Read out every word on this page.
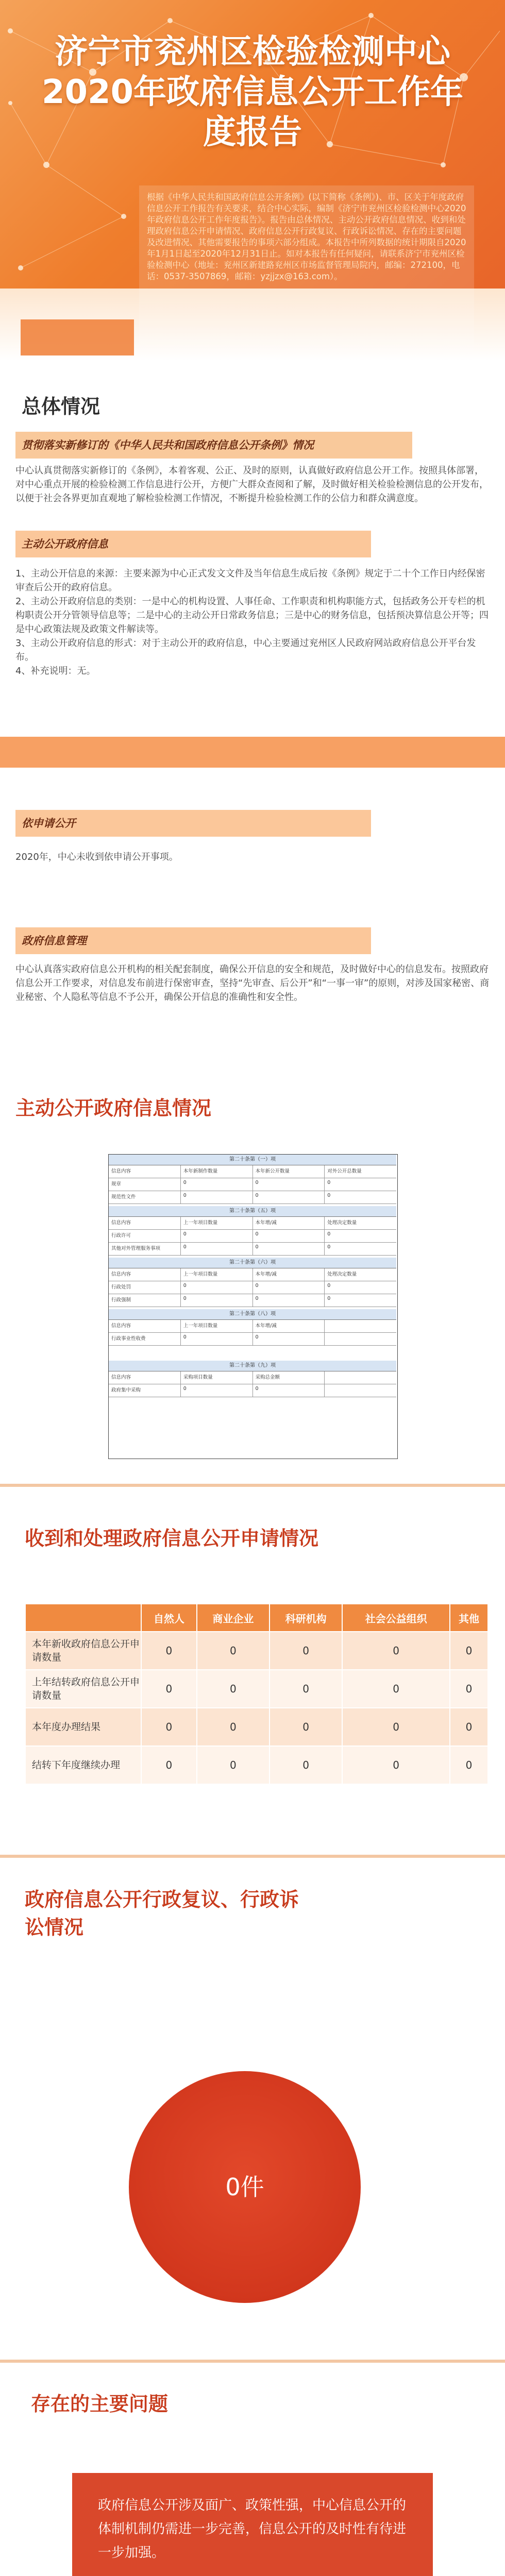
济宁市兖州区检验检测中心
2020年政府信息公开工作年
度报告
根据《中华人民共和国政府信息公开条例》(以下简称《条例》)、市、区关于年度政府信息公开工作报告有关要求，结合中心实际，编制《济宁市兖州区检验检测中心2020年政府信息公开工作年度报告》。报告由总体情况、主动公开政府信息情况、收到和处理政府信息公开申请情况、政府信息公开行政复议、行政诉讼情况、存在的主要问题及改进情况、其他需要报告的事项六部分组成。本报告中所列数据的统计期限自2020年1月1日起至2020年12月31日止。如对本报告有任何疑问，请联系济宁市兖州区检验检测中心（地址：兖州区新建路兖州区市场监督管理局院内，邮编：272100，电话：0537-3507869，邮箱：yzjjzx@163.com）。
总体情况
贯彻落实新修订的《中华人民共和国政府信息公开条例》情况
中心认真贯彻落实新修订的《条例》，本着客观、公正、及时的原则，认真做好政府信息公开工作。按照具体部署，对中心重点开展的检验检测工作信息进行公开，方便广大群众查阅和了解，及时做好相关检验检测信息的公开发布，以便于社会各界更加直观地了解检验检测工作情况，不断提升检验检测工作的公信力和群众满意度。
主动公开政府信息
1、主动公开信息的来源：主要来源为中心正式发文文件及当年信息生成后按《条例》规定于二十个工作日内经保密审查后公开的政府信息。
2、主动公开政府信息的类别：一是中心的机构设置、人事任命、工作职责和机构职能方式，包括政务公开专栏的机构职责公开分管领导信息等；二是中心的主动公开日常政务信息；三是中心的财务信息，包括预决算信息公开等；四是中心政策法规及政策文件解读等。
3、主动公开政府信息的形式：对于主动公开的政府信息，中心主要通过兖州区人民政府网站政府信息公开平台发布。
4、补充说明：无。
依申请公开
2020年，中心未收到依申请公开事项。
政府信息管理
中心认真落实政府信息公开机构的相关配套制度，确保公开信息的安全和规范，及时做好中心的信息发布。按照政府信息公开工作要求，对信息发布前进行保密审查，坚持“先审查、后公开”和“一事一审”的原则，对涉及国家秘密、商业秘密、个人隐私等信息不予公开，确保公开信息的准确性和安全性。
主动公开政府信息情况
第二十条第（一）项
信息内容	本年新制作数量	本年新公开数量	对外公开总数量
规章	0	0	0
规范性文件	0	0	0
第二十条第（五）项
信息内容	上一年项目数量	本年增/减	处理决定数量
行政许可	0	0	0
其他对外管理服务事项	0	0	0
第二十条第（六）项
信息内容	上一年项目数量	本年增/减	处理决定数量
行政处罚	0	0	0
行政强制	0	0	0
第二十条第（八）项
信息内容	上一年项目数量	本年增/减
行政事业性收费	0	0
第二十条第（九）项
信息内容	采购项目数量	采购总金额
政府集中采购	0	0
收到和处理政府信息公开申请情况
	自然人	商业企业	科研机构	社会公益组织	其他
本年新收政府信息公开申请数量	0	0	0	0	0
上年结转政府信息公开申请数量	0	0	0	0	0
本年度办理结果	0	0	0	0	0
结转下年度继续办理	0	0	0	0	0
政府信息公开行政复议、行政诉讼情况
0件
存在的主要问题
政府信息公开涉及面广、政策性强，中心信息公开的体制机制仍需进一步完善，信息公开的及时性有待进一步加强。
